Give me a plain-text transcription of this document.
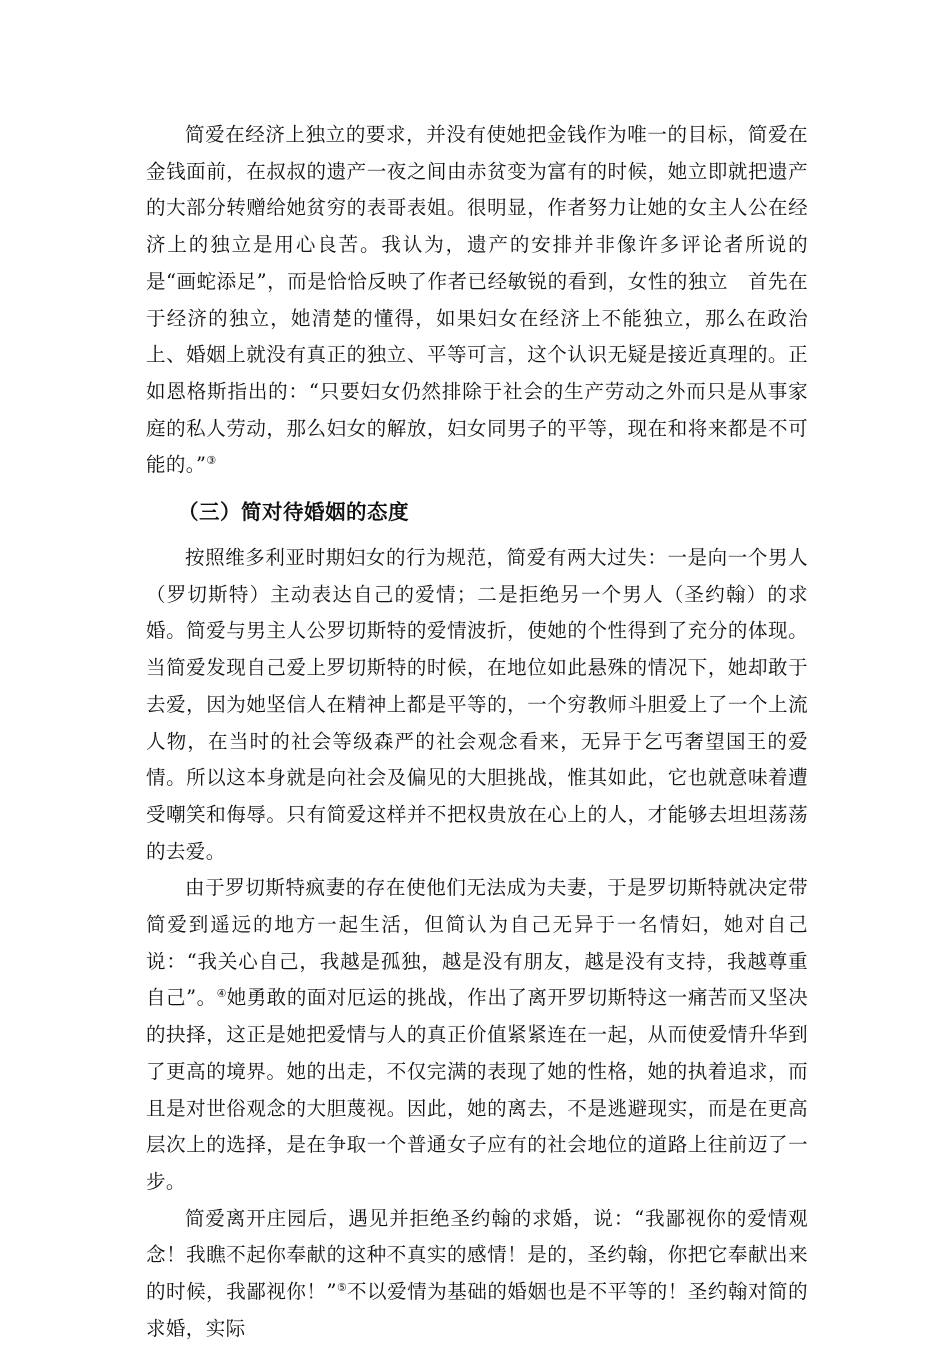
简爱在经济上独立的要求，并没有使她把金钱作为唯一的目标，简爱在金钱面前，在叔叔的遗产一夜之间由赤贫变为富有的时候，她立即就把遗产的大部分转赠给她贫穷的表哥表姐。很明显，作者努力让她的女主人公在经济上的独立是用心良苦。我认为，遗产的安排并非像许多评论者所说的是“画蛇添足”，而是恰恰反映了作者已经敏锐的看到，女性的独立　首先在于经济的独立，她清楚的懂得，如果妇女在经济上不能独立，那么在政治上、婚姻上就没有真正的独立、平等可言，这个认识无疑是接近真理的。正如恩格斯指出的：“只要妇女仍然排除于社会的生产劳动之外而只是从事家庭的私人劳动，那么妇女的解放，妇女同男子的平等，现在和将来都是不可能的。”③

（三）简对待婚姻的态度

按照维多利亚时期妇女的行为规范，简爱有两大过失：一是向一个男人（罗切斯特）主动表达自己的爱情；二是拒绝另一个男人（圣约翰）的求婚。简爱与男主人公罗切斯特的爱情波折，使她的个性得到了充分的体现。当简爱发现自己爱上罗切斯特的时候，在地位如此悬殊的情况下，她却敢于去爱，因为她坚信人在精神上都是平等的，一个穷教师斗胆爱上了一个上流人物，在当时的社会等级森严的社会观念看来，无异于乞丐奢望国王的爱情。所以这本身就是向社会及偏见的大胆挑战，惟其如此，它也就意味着遭受嘲笑和侮辱。只有简爱这样并不把权贵放在心上的人，才能够去坦坦荡荡的去爱。

由于罗切斯特疯妻的存在使他们无法成为夫妻，于是罗切斯特就决定带简爱到遥远的地方一起生活，但简认为自己无异于一名情妇，她对自己说：“我关心自己，我越是孤独，越是没有朋友，越是没有支持，我越尊重自己”。④她勇敢的面对厄运的挑战，作出了离开罗切斯特这一痛苦而又坚决的抉择，这正是她把爱情与人的真正价值紧紧连在一起，从而使爱情升华到了更高的境界。她的出走，不仅完满的表现了她的性格，她的执着追求，而且是对世俗观念的大胆蔑视。因此，她的离去，不是逃避现实，而是在更高层次上的选择，是在争取一个普通女子应有的社会地位的道路上往前迈了一步。

简爱离开庄园后，遇见并拒绝圣约翰的求婚，说：“我鄙视你的爱情观念！我瞧不起你奉献的这种不真实的感情！是的，圣约翰，你把它奉献出来的时候，我鄙视你！”⑤不以爱情为基础的婚姻也是不平等的！圣约翰对简的求婚，实际
